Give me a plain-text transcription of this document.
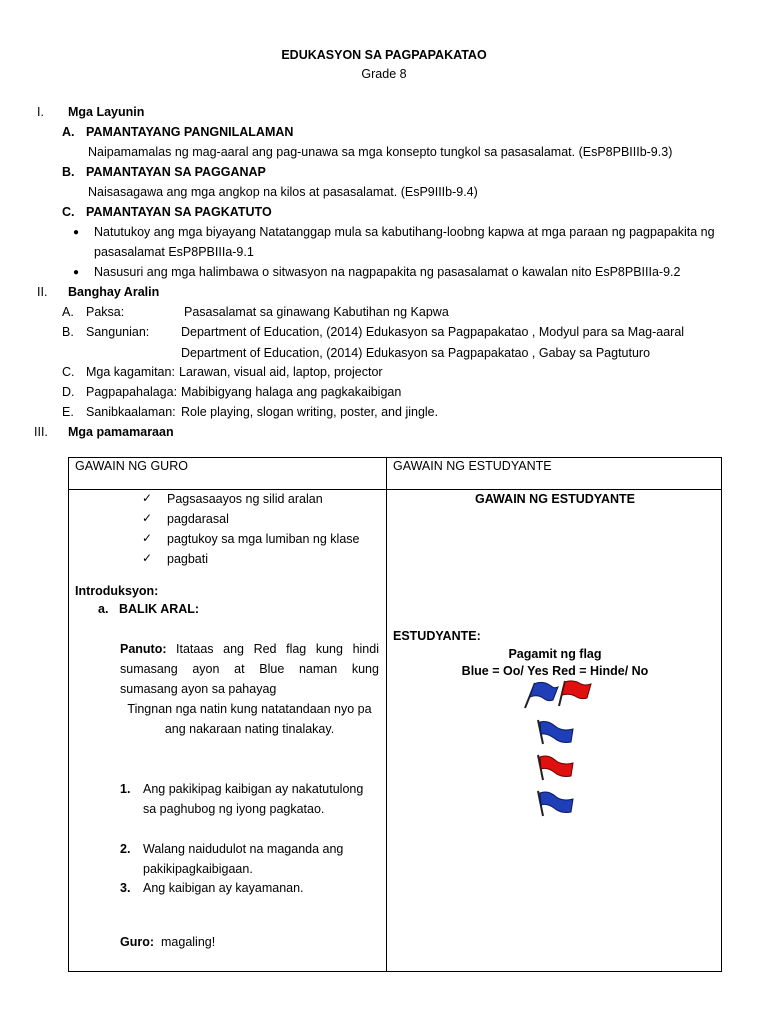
EDUKASYON SA PAGPAPAKATAO
Grade 8
I. Mga Layunin
A. PAMANTAYANG PANGNILALAMAN
Naipamamalas ng mag-aaral ang pag-unawa sa mga konsepto tungkol sa pasasalamat. (EsP8PBIIIb-9.3)
B. PAMANTAYAN SA PAGGANAP
Naisasagawa ang mga angkop na kilos at pasasalamat. (EsP9IIIb-9.4)
C. PAMANTAYAN SA PAGKATUTO
● Natutukoy ang mga biyayang Natatanggap mula sa kabutihang-loobng kapwa at mga paraan ng pagpapakita ng
pasasalamat EsP8PBIIIa-9.1
● Nasusuri ang mga halimbawa o sitwasyon na nagpapakita ng pasasalamat o kawalan nito EsP8PBIIIa-9.2
II. Banghay Aralin
A. Paksa:	Pasasalamat sa ginawang Kabutihan ng Kapwa
B. Sangunian:	Department of Education, (2014) Edukasyon sa Pagpapakatao , Modyul para sa Mag-aaral
Department of Education, (2014) Edukasyon sa Pagpapakatao , Gabay sa Pagtuturo
C. Mga kagamitan: Larawan, visual aid, laptop, projector
D. Pagpapahalaga: Mabibigyang halaga ang pagkakaibigan
E. Sanibkaalaman: Role playing, slogan writing, poster, and jingle.
III. Mga pamamaraan
GAWAIN NG GURO	GAWAIN NG ESTUDYANTE
✓ Pagsasaayos ng silid aralan
✓ pagdarasal
✓ pagtukoy sa mga lumiban ng klase
✓ pagbati
Introduksyon:
a. BALIK ARAL:
Panuto: Itataas ang Red flag kung hindi
sumasang ayon at Blue naman kung
sumasang ayon sa pahayag
Tingnan nga natin kung natatandaan nyo pa
ang nakaraan nating tinalakay.
1. Ang pakikipag kaibigan ay nakatutulong
sa paghubog ng iyong pagkatao.
2. Walang naidudulot na maganda ang
pakikipagkaibigaan.
3. Ang kaibigan ay kayamanan.
Guro: magaling!
GAWAIN NG ESTUDYANTE
ESTUDYANTE:
Pagamit ng flag
Blue = Oo/ Yes Red = Hinde/ No
